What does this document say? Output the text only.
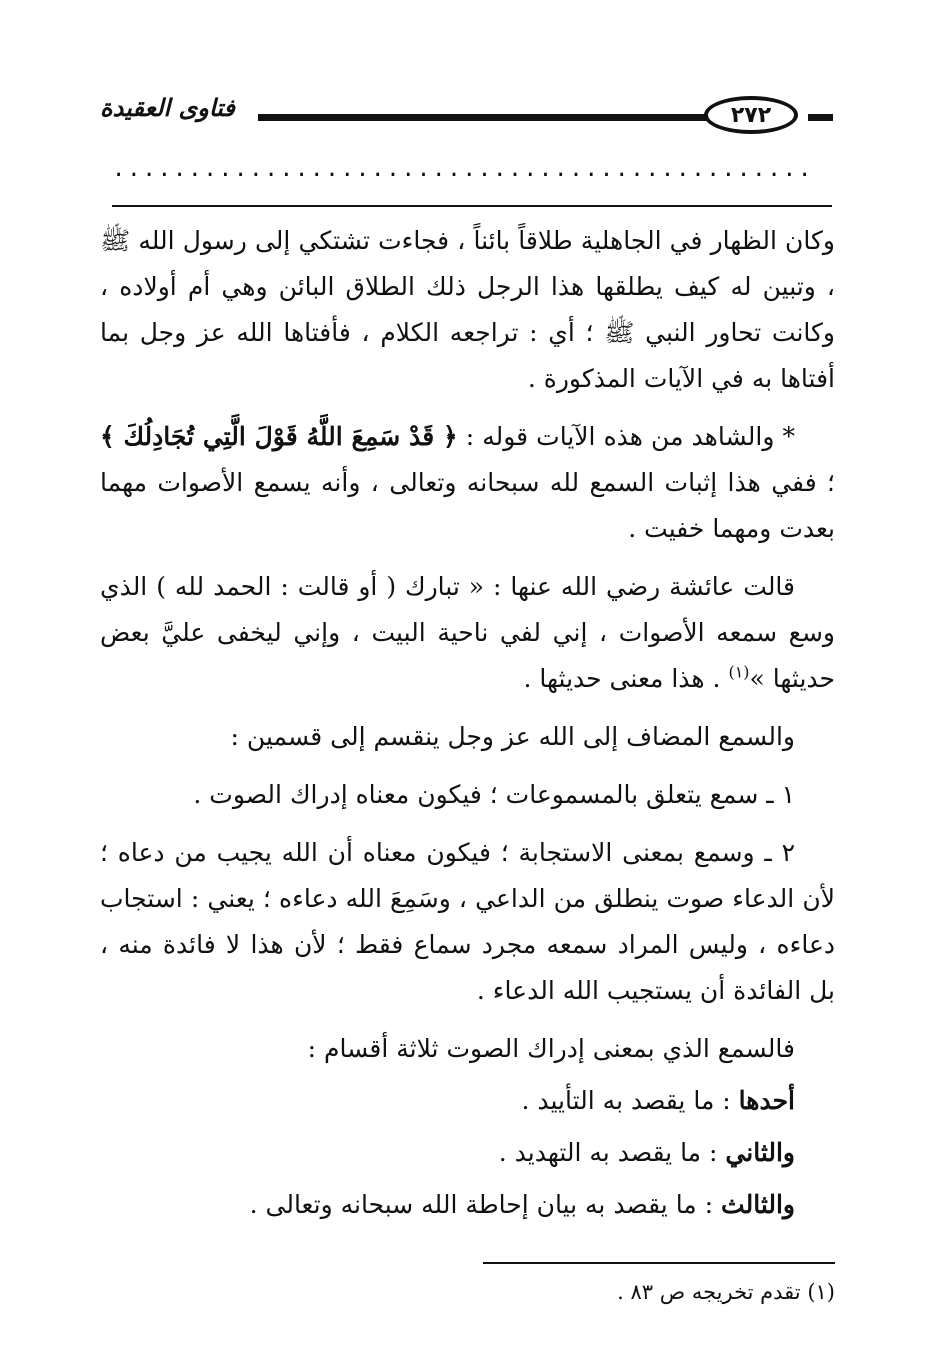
فتاوى العقيدة	٢٧٢
..............................................

وكان الظهار في الجاهلية طلاقاً بائناً ، فجاءت تشتكي إلى رسول الله ﷺ ، وتبين له كيف يطلقها هذا الرجل ذلك الطلاق البائن وهي أم أولاده ، وكانت تحاور النبي ﷺ ؛ أي : تراجعه الكلام ، فأفتاها الله عز وجل بما أفتاها به في الآيات المذكورة .

* والشاهد من هذه الآيات قوله : ﴿ قَدْ سَمِعَ اللَّهُ قَوْلَ الَّتِي تُجَادِلُكَ ﴾ ؛ ففي هذا إثبات السمع لله سبحانه وتعالى ، وأنه يسمع الأصوات مهما بعدت ومهما خفيت .

قالت عائشة رضي الله عنها : « تبارك ( أو قالت : الحمد لله ) الذي وسع سمعه الأصوات ، إني لفي ناحية البيت ، وإني ليخفى عليَّ بعض حديثها »$^{(١)}$ . هذا معنى حديثها .

والسمع المضاف إلى الله عز وجل ينقسم إلى قسمين :

١ ـ سمع يتعلق بالمسموعات ؛ فيكون معناه إدراك الصوت .

٢ ـ وسمع بمعنى الاستجابة ؛ فيكون معناه أن الله يجيب من دعاه ؛ لأن الدعاء صوت ينطلق من الداعي ، وسَمِعَ الله دعاءه ؛ يعني : استجاب دعاءه ، وليس المراد سمعه مجرد سماع فقط ؛ لأن هذا لا فائدة منه ، بل الفائدة أن يستجيب الله الدعاء .

فالسمع الذي بمعنى إدراك الصوت ثلاثة أقسام :

أحدها : ما يقصد به التأييد .

والثاني : ما يقصد به التهديد .

والثالث : ما يقصد به بيان إحاطة الله سبحانه وتعالى .

(١) تقدم تخريجه ص ٨٣ .
